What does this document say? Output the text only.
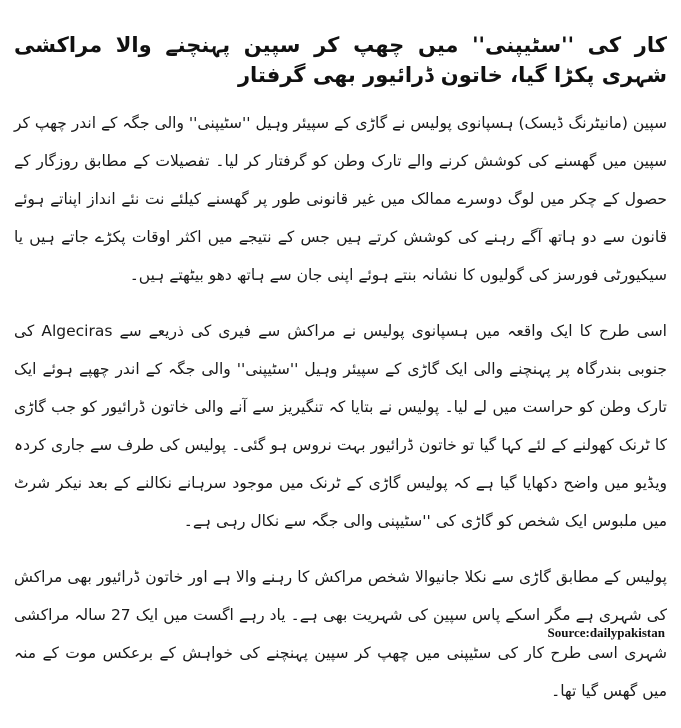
کار کی ''سٹیپنی'' میں چھپ کر سپین پہنچنے والا مراکشی شہری پکڑا گیا، خاتون ڈرائیور بھی گرفتار

سپین (مانیٹرنگ ڈیسک) ہسپانوی پولیس نے گاڑی کے سپیئر وہیل ''سٹیپنی'' والی جگہ کے اندر چھپ کر سپین میں گھسنے کی کوشش کرنے والے تارک وطن کو گرفتار کر لیا۔ تفصیلات کے مطابق روزگار کے حصول کے چکر میں لوگ دوسرے ممالک میں غیر قانونی طور پر گھسنے کیلئے نت نئے انداز اپناتے ہوئے قانون سے دو ہاتھ آگے رہنے کی کوشش کرتے ہیں جس کے نتیجے میں اکثر اوقات پکڑے جاتے ہیں یا سیکیورٹی فورسز کی گولیوں کا نشانہ بنتے ہوئے اپنی جان سے ہاتھ دھو بیٹھتے ہیں۔

اسی طرح کا ایک واقعہ میں ہسپانوی پولیس نے مراکش سے فیری کی ذریعے سے Algeciras کی جنوبی بندرگاہ پر پہنچنے والی ایک گاڑی کے سپیئر وہیل ''سٹیپنی'' والی جگہ کے اندر چھپے ہوئے ایک تارک وطن کو حراست میں لے لیا۔ پولیس نے بتایا کہ تنگیریز سے آنے والی خاتون ڈرائیور کو جب گاڑی کا ٹرنک کھولنے کے لئے کہا گیا تو خاتون ڈرائیور بہت نروس ہو گئی۔ پولیس کی طرف سے جاری کردہ ویڈیو میں واضح دکھایا گیا ہے کہ پولیس گاڑی کے ٹرنک میں موجود سرہانے نکالنے کے بعد نیکر شرٹ میں ملبوس ایک شخص کو گاڑی کی ''سٹیپنی والی جگہ سے نکال رہی ہے۔

پولیس کے مطابق گاڑی سے نکلا جانیوالا شخص مراکش کا رہنے والا ہے اور خاتون ڈرائیور بھی مراکش کی شہری ہے مگر اسکے پاس سپین کی شہریت بھی ہے۔ یاد رہے اگست میں ایک 27 سالہ مراکشی شہری اسی طرح کار کی سٹیپنی میں چھپ کر سپین پہنچنے کی خواہش کے برعکس موت کے منہ میں گھس گیا تھا۔

Source:dailypakistan
